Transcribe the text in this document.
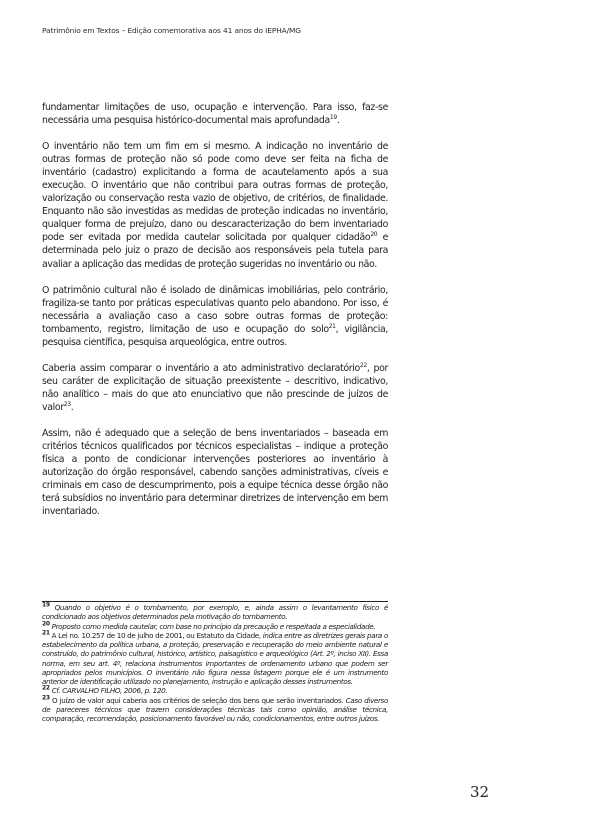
Patrimônio em Textos – Edição comemorativa aos 41 anos do IEPHA/MG

fundamentar limitações de uso, ocupação e intervenção. Para isso, faz-se necessária uma pesquisa histórico-documental mais aprofundada$^{19}$.

O inventário não tem um fim em si mesmo. A indicação no inventário de outras formas de proteção não só pode como deve ser feita na ficha de inventário (cadastro) explicitando a forma de acautelamento após a sua execução. O inventário que não contribui para outras formas de proteção, valorização ou conservação resta vazio de objetivo, de critérios, de finalidade. Enquanto não são investidas as medidas de proteção indicadas no inventário, qualquer forma de prejuízo, dano ou descaracterização do bem inventariado pode ser evitada por medida cautelar solicitada por qualquer cidadão$^{20}$ e determinada pelo juiz o prazo de decisão aos responsáveis pela tutela para avaliar a aplicação das medidas de proteção sugeridas no inventário ou não.

O patrimônio cultural não é isolado de dinâmicas imobiliárias, pelo contrário, fragiliza-se tanto por práticas especulativas quanto pelo abandono. Por isso, é necessária a avaliação caso a caso sobre outras formas de proteção: tombamento, registro, limitação de uso e ocupação do solo$^{21}$, vigilância, pesquisa científica, pesquisa arqueológica, entre outros.

Caberia assim comparar o inventário a ato administrativo declaratório$^{22}$, por seu caráter de explicitação de situação preexistente – descritivo, indicativo, não analítico – mais do que ato enunciativo que não prescinde de juízos de valor$^{23}$.

Assim, não é adequado que a seleção de bens inventariados – baseada em critérios técnicos qualificados por técnicos especialistas – indique a proteção física a ponto de condicionar intervenções posteriores ao inventário à autorização do órgão responsável, cabendo sanções administrativas, cíveis e criminais em caso de descumprimento, pois a equipe técnica desse órgão não terá subsídios no inventário para determinar diretrizes de intervenção em bem inventariado.

$^{19}$ Quando o objetivo é o tombamento, por exemplo, e, ainda assim o levantamento físico é condicionado aos objetivos determinados pela motivação do tombamento.

$^{20}$ Proposto como medida cautelar, com base no princípio da precaução e respeitada a especialidade.

$^{21}$ A Lei no. 10.257 de 10 de julho de 2001, ou Estatuto da Cidade, indica entre as diretrizes gerais para o estabelecimento da política urbana, a proteção, preservação e recuperação do meio ambiente natural e construído, do patrimônio cultural, histórico, artístico, paisagístico e arqueológico (Art. 2º, inciso XII). Essa norma, em seu art. 4º, relaciona instrumentos importantes de ordenamento urbano que podem ser apropriados pelos municípios. O inventário não figura nessa listagem porque ele é um instrumento anterior de identificação utilizado no planejamento, instrução e aplicação desses instrumentos.

$^{22}$ Cf. CARVALHO FILHO, 2006, p. 120.

$^{23}$ O juízo de valor aqui caberia aos critérios de seleção dos bens que serão inventariados. Caso diverso de pareceres técnicos que trazem considerações técnicas tais como opinião, análise técnica, comparação, recomendação, posicionamento favorável ou não, condicionamentos, entre outros juízos.

32
